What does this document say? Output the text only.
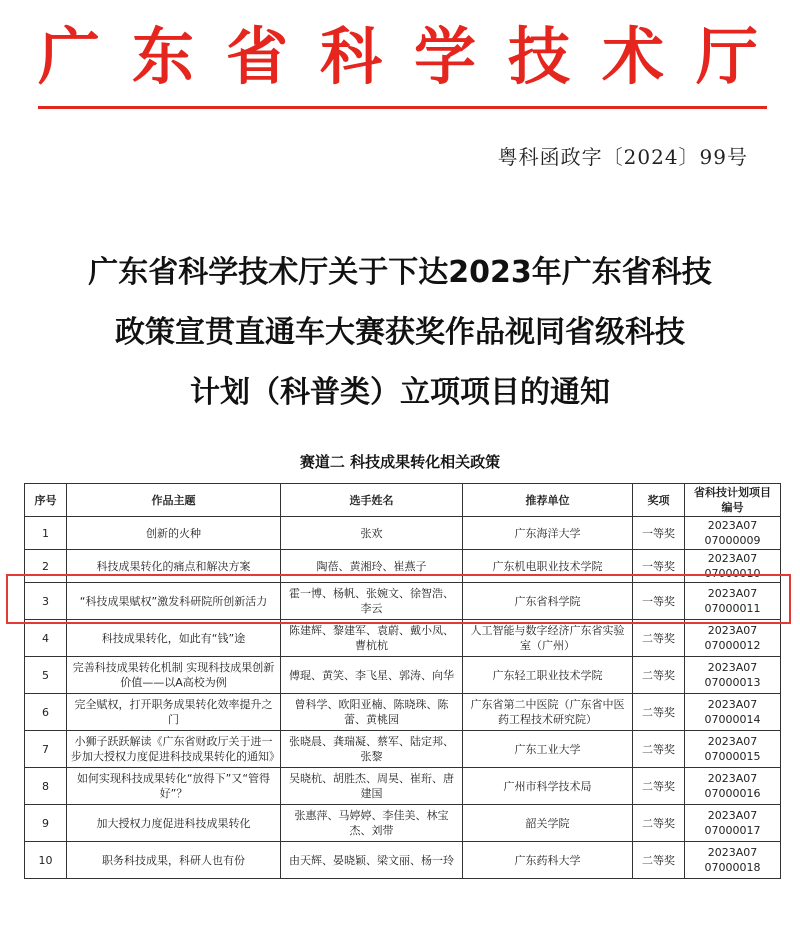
广东省科学技术厅
粤科函政字〔2024〕99号
广东省科学技术厅关于下达2023年广东省科技
政策宣贯直通车大赛获奖作品视同省级科技
计划（科普类）立项项目的通知
赛道二 科技成果转化相关政策
序号	作品主题	选手姓名	推荐单位	奖项	省科技计划项目编号
1	创新的火种	张欢	广东海洋大学	一等奖	2023A07 07000009
2	科技成果转化的痛点和解决方案	陶蓓、黄湘玲、崔燕子	广东机电职业技术学院	一等奖	2023A07 07000010
3	“科技成果赋权”激发科研院所创新活力	霍一博、杨帆、张婉文、徐智浩、李云	广东省科学院	一等奖	2023A07 07000011
4	科技成果转化，如此有“钱”途	陈建辉、黎建军、袁蔚、戴小凤、曹杭杭	人工智能与数字经济广东省实验室（广州）	二等奖	2023A07 07000012
5	完善科技成果转化机制 实现科技成果创新价值——以A高校为例	傅琨、黄笑、李飞星、郭涛、向华	广东轻工职业技术学院	二等奖	2023A07 07000013
6	完全赋权，打开职务成果转化效率提升之门	曾科学、欧阳亚楠、陈晓珠、陈蕾、黄桃园	广东省第二中医院（广东省中医药工程技术研究院）	二等奖	2023A07 07000014
7	小狮子跃跃解读《广东省财政厅关于进一步加大授权力度促进科技成果转化的通知》	张晓晨、龚瑞凝、蔡军、陆定邦、张黎	广东工业大学	二等奖	2023A07 07000015
8	如何实现科技成果转化“放得下”又“管得好”？	吴晓杭、胡胜杰、周昊、崔珩、唐建国	广州市科学技术局	二等奖	2023A07 07000016
9	加大授权力度促进科技成果转化	张惠萍、马婷婷、李佳美、林宝杰、刘带	韶关学院	二等奖	2023A07 07000017
10	职务科技成果，科研人也有份	由天辉、晏晓颖、梁文丽、杨一玲	广东药科大学	二等奖	2023A07 07000018
